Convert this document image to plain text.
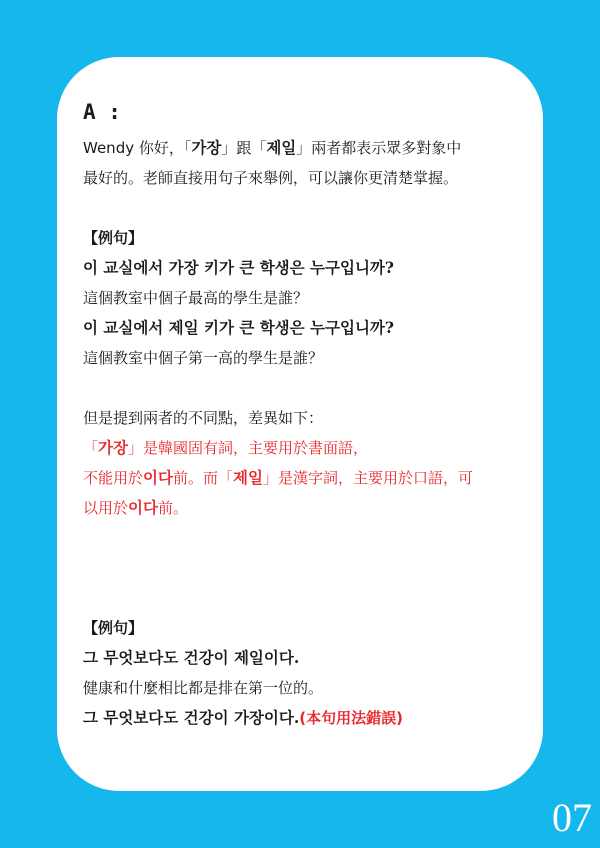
A :
Wendy 你好，「가장」跟「제일」兩者都表示眾多對象中
最好的。老師直接用句子來舉例，可以讓你更清楚掌握。
【例句】
이 교실에서 가장 키가 큰 학생은 누구입니까?
這個教室中個子最高的學生是誰？
이 교실에서 제일 키가 큰 학생은 누구입니까?
這個教室中個子第一高的學生是誰？
但是提到兩者的不同點，差異如下：
「가장」是韓國固有詞，主要用於書面語，
不能用於이다前。而「제일」是漢字詞，主要用於口語，可
以用於이다前。
【例句】
그 무엇보다도 건강이 제일이다.
健康和什麼相比都是排在第一位的。
그 무엇보다도 건강이 가장이다.(本句用法錯誤)
07
